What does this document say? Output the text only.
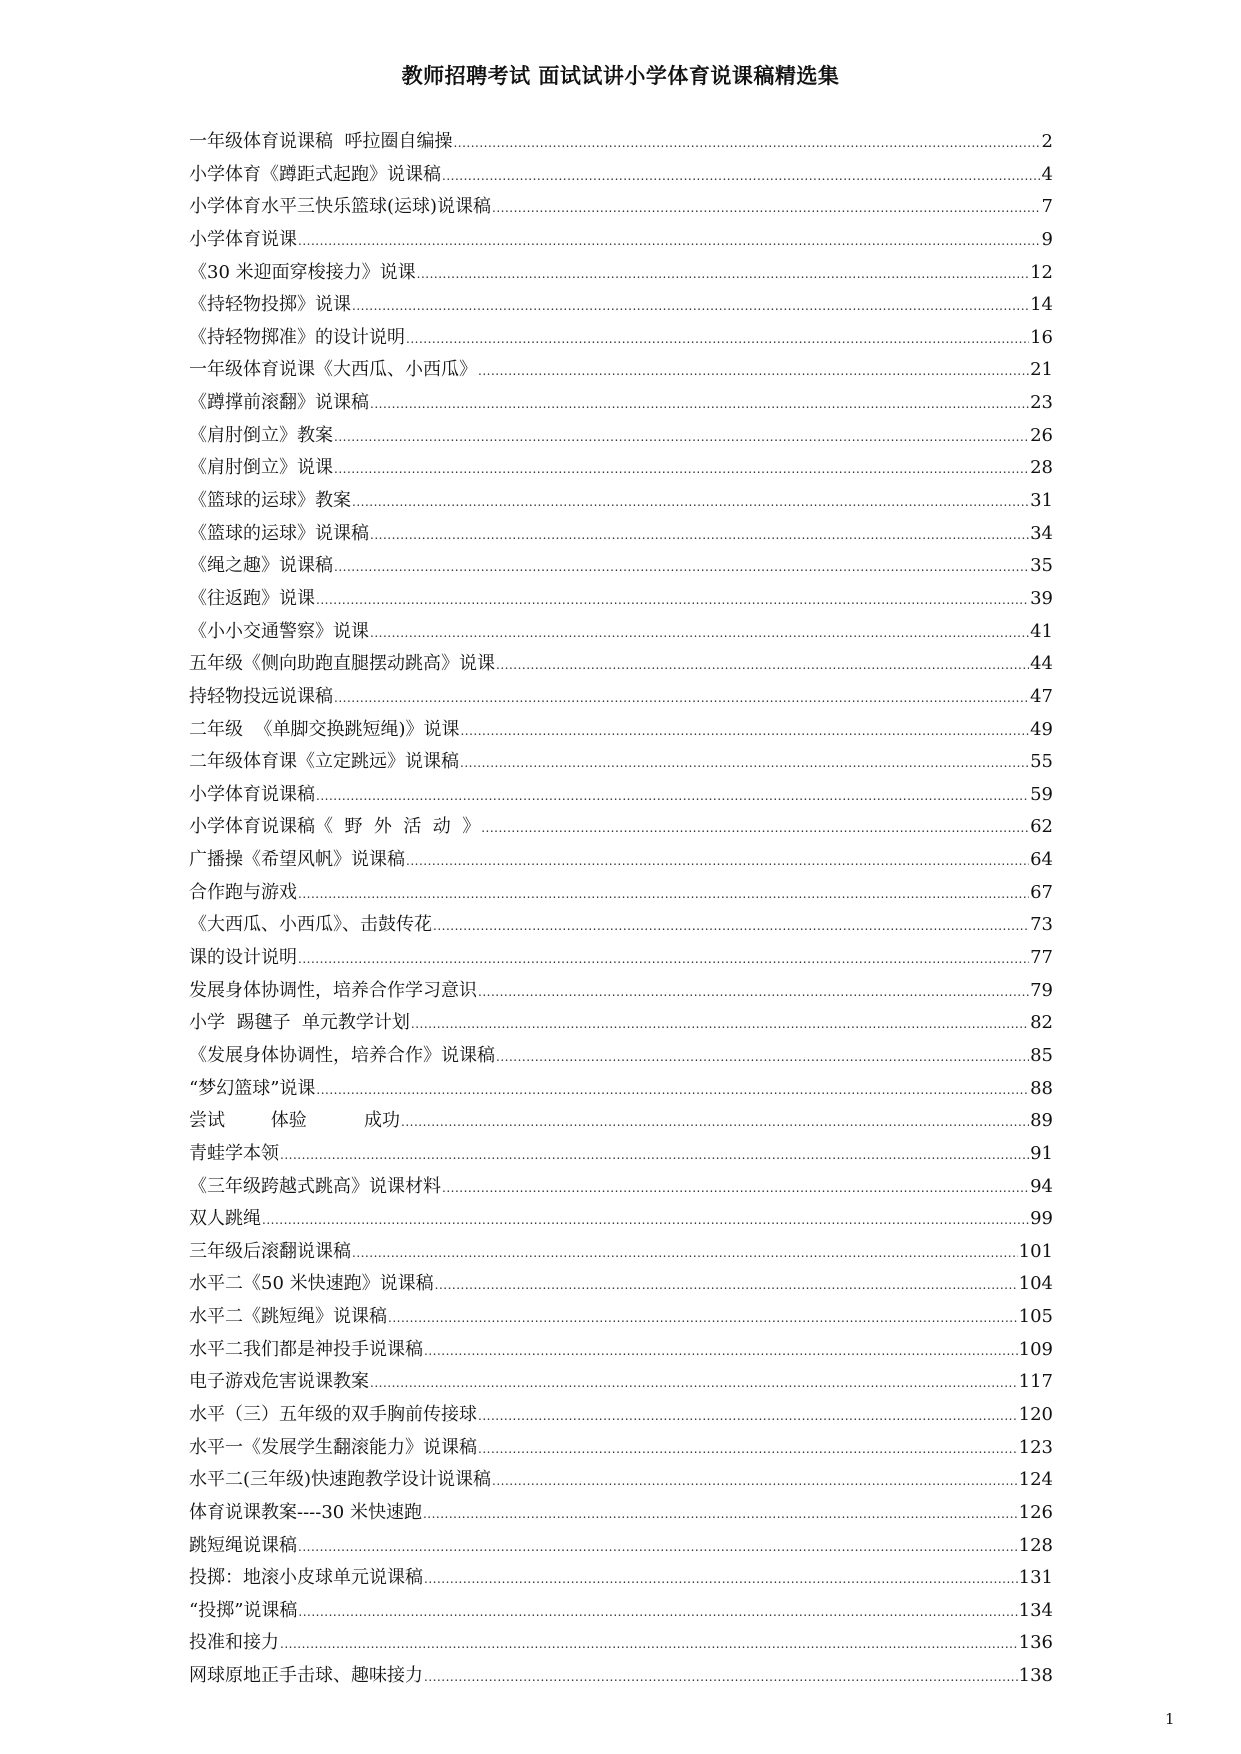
教师招聘考试 面试试讲小学体育说课稿精选集
一年级体育说课稿  呼拉圈自编操 .....	2
小学体育《蹲距式起跑》说课稿 .....	4
小学体育水平三快乐篮球(运球)说课稿 .....	7
小学体育说课 .....	9
《30 米迎面穿梭接力》说课 .....	12
《持轻物投掷》说课 .....	14
《持轻物掷准》的设计说明 .....	16
一年级体育说课《大西瓜、小西瓜》 .....	21
《蹲撑前滚翻》说课稿 .....	23
《肩肘倒立》教案 .....	26
《肩肘倒立》说课 .....	28
《篮球的运球》教案 .....	31
《篮球的运球》说课稿 .....	34
《绳之趣》说课稿 .....	35
《往返跑》说课 .....	39
《小小交通警察》说课 .....	41
五年级《侧向助跑直腿摆动跳高》说课 .....	44
持轻物投远说课稿 .....	47
二年级  《单脚交换跳短绳)》说课 .....	49
二年级体育课《立定跳远》说课稿 .....	55
小学体育说课稿 .....	59
小学体育说课稿《  野  外  活  动  》 .....	62
广播操《希望风帆》说课稿 .....	64
合作跑与游戏 .....	67
《大西瓜、小西瓜》、击鼓传花 .....	73
课的设计说明 .....	77
发展身体协调性，培养合作学习意识 .....	79
小学  踢毽子  单元教学计划 .....	82
《发展身体协调性，培养合作》说课稿 .....	85
“梦幻篮球”说课 .....	88
尝试        体验          成功 .....	89
青蛙学本领 .....	91
《三年级跨越式跳高》说课材料 .....	94
双人跳绳 .....	99
三年级后滚翻说课稿 .....	101
水平二《50 米快速跑》说课稿 .....	104
水平二《跳短绳》说课稿 .....	105
水平二我们都是神投手说课稿 .....	109
电子游戏危害说课教案 .....	117
水平（三）五年级的双手胸前传接球 .....	120
水平一《发展学生翻滚能力》说课稿 .....	123
水平二(三年级)快速跑教学设计说课稿 .....	124
体育说课教案----30 米快速跑 .....	126
跳短绳说课稿 .....	128
投掷：地滚小皮球单元说课稿 .....	131
“投掷”说课稿 .....	134
投准和接力 .....	136
网球原地正手击球、趣味接力 .....	138
1
